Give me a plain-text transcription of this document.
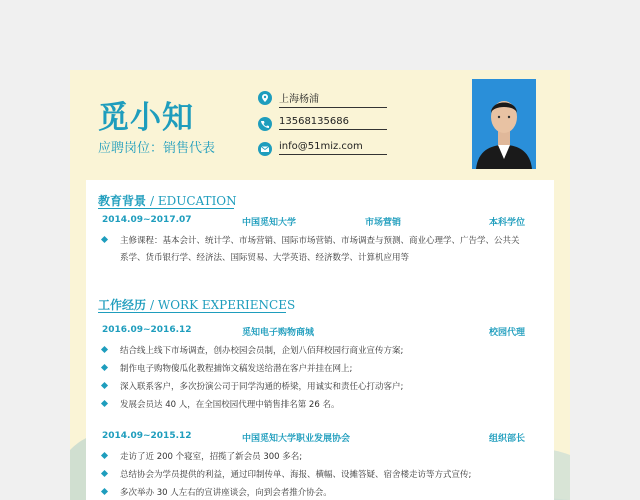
觅小知
应聘岗位：销售代表
上海杨浦
13568135686
info@51miz.com
教育背景 / EDUCATION
2014.09~2017.07	中国觅知大学	市场营销	本科学位
主修课程：基本会计、统计学、市场营销、国际市场营销、市场调查与预测、商业心理学、广告学、公共关
系学、货币银行学、经济法、国际贸易、大学英语、经济数学、计算机应用等
工作经历 / WORK EXPERIENCES
2016.09~2016.12	觅知电子购物商城	校园代理
结合线上线下市场调查，创办校园会员制，企划八佰拜校园行商业宣传方案;
制作电子购物傻瓜化教程捕饰文稿发送给潜在客户并挂在网上;
深入联系客户，多次扮演公司于同学沟通的桥梁，用诚实和责任心打动客户;
发展会员达 40 人，在全国校园代理中销售排名第 26 名。
2014.09~2015.12	中国觅知大学职业发展协会	组织部长
走访了近 200 个寝室，招揽了新会员 300 多名;
总结协会为学员提供的利益，通过印制传单、海报、横幅、设摊答疑、宿舍楼走访等方式宣传;
多次举办 30 人左右的宣讲座谈会，向到会者推介协会。
